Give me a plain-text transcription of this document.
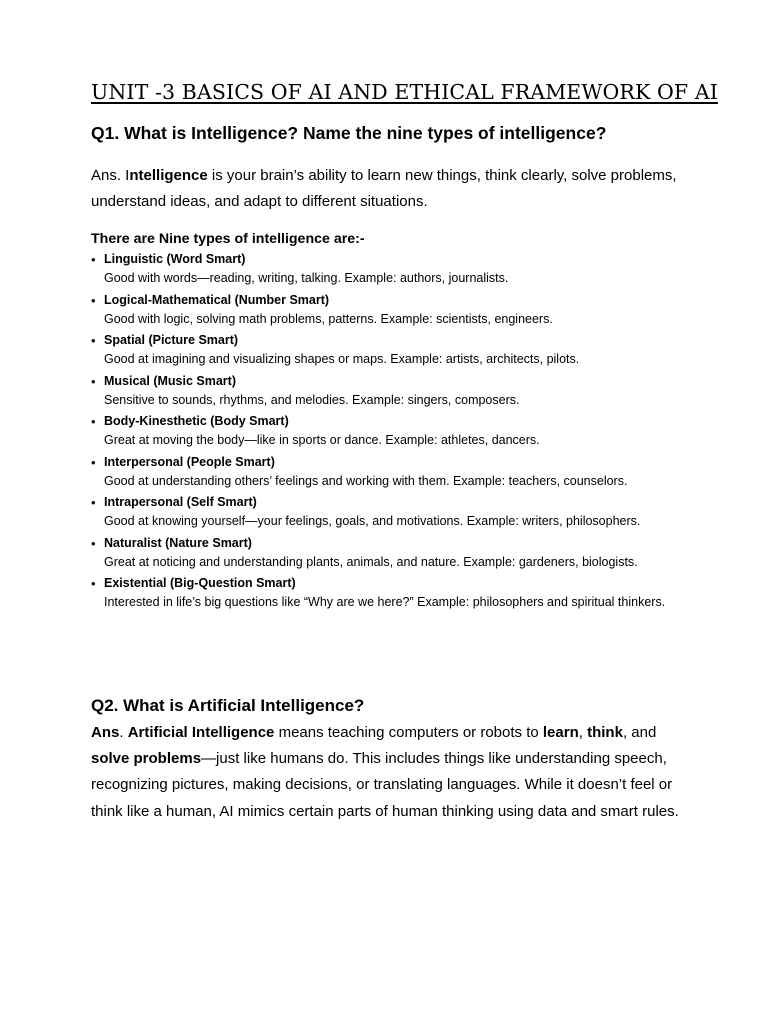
UNIT -3 BASICS OF AI AND ETHICAL FRAMEWORK OF AI
Q1. What is Intelligence? Name the nine types of intelligence?
Ans. Intelligence is your brain’s ability to learn new things, think clearly, solve problems, understand ideas, and adapt to different situations.
There are Nine types of intelligence are:-
• Linguistic (Word Smart)
Good with words—reading, writing, talking. Example: authors, journalists.
• Logical-Mathematical (Number Smart)
Good with logic, solving math problems, patterns. Example: scientists, engineers.
• Spatial (Picture Smart)
Good at imagining and visualizing shapes or maps. Example: artists, architects, pilots.
• Musical (Music Smart)
Sensitive to sounds, rhythms, and melodies. Example: singers, composers.
• Body-Kinesthetic (Body Smart)
Great at moving the body—like in sports or dance. Example: athletes, dancers.
• Interpersonal (People Smart)
Good at understanding others’ feelings and working with them. Example: teachers, counselors.
• Intrapersonal (Self Smart)
Good at knowing yourself—your feelings, goals, and motivations. Example: writers, philosophers.
• Naturalist (Nature Smart)
Great at noticing and understanding plants, animals, and nature. Example: gardeners, biologists.
• Existential (Big-Question Smart)
Interested in life’s big questions like “Why are we here?” Example: philosophers and spiritual thinkers.
Q2. What is Artificial Intelligence?
Ans. Artificial Intelligence means teaching computers or robots to learn, think, and solve problems—just like humans do. This includes things like understanding speech, recognizing pictures, making decisions, or translating languages. While it doesn’t feel or think like a human, AI mimics certain parts of human thinking using data and smart rules.
